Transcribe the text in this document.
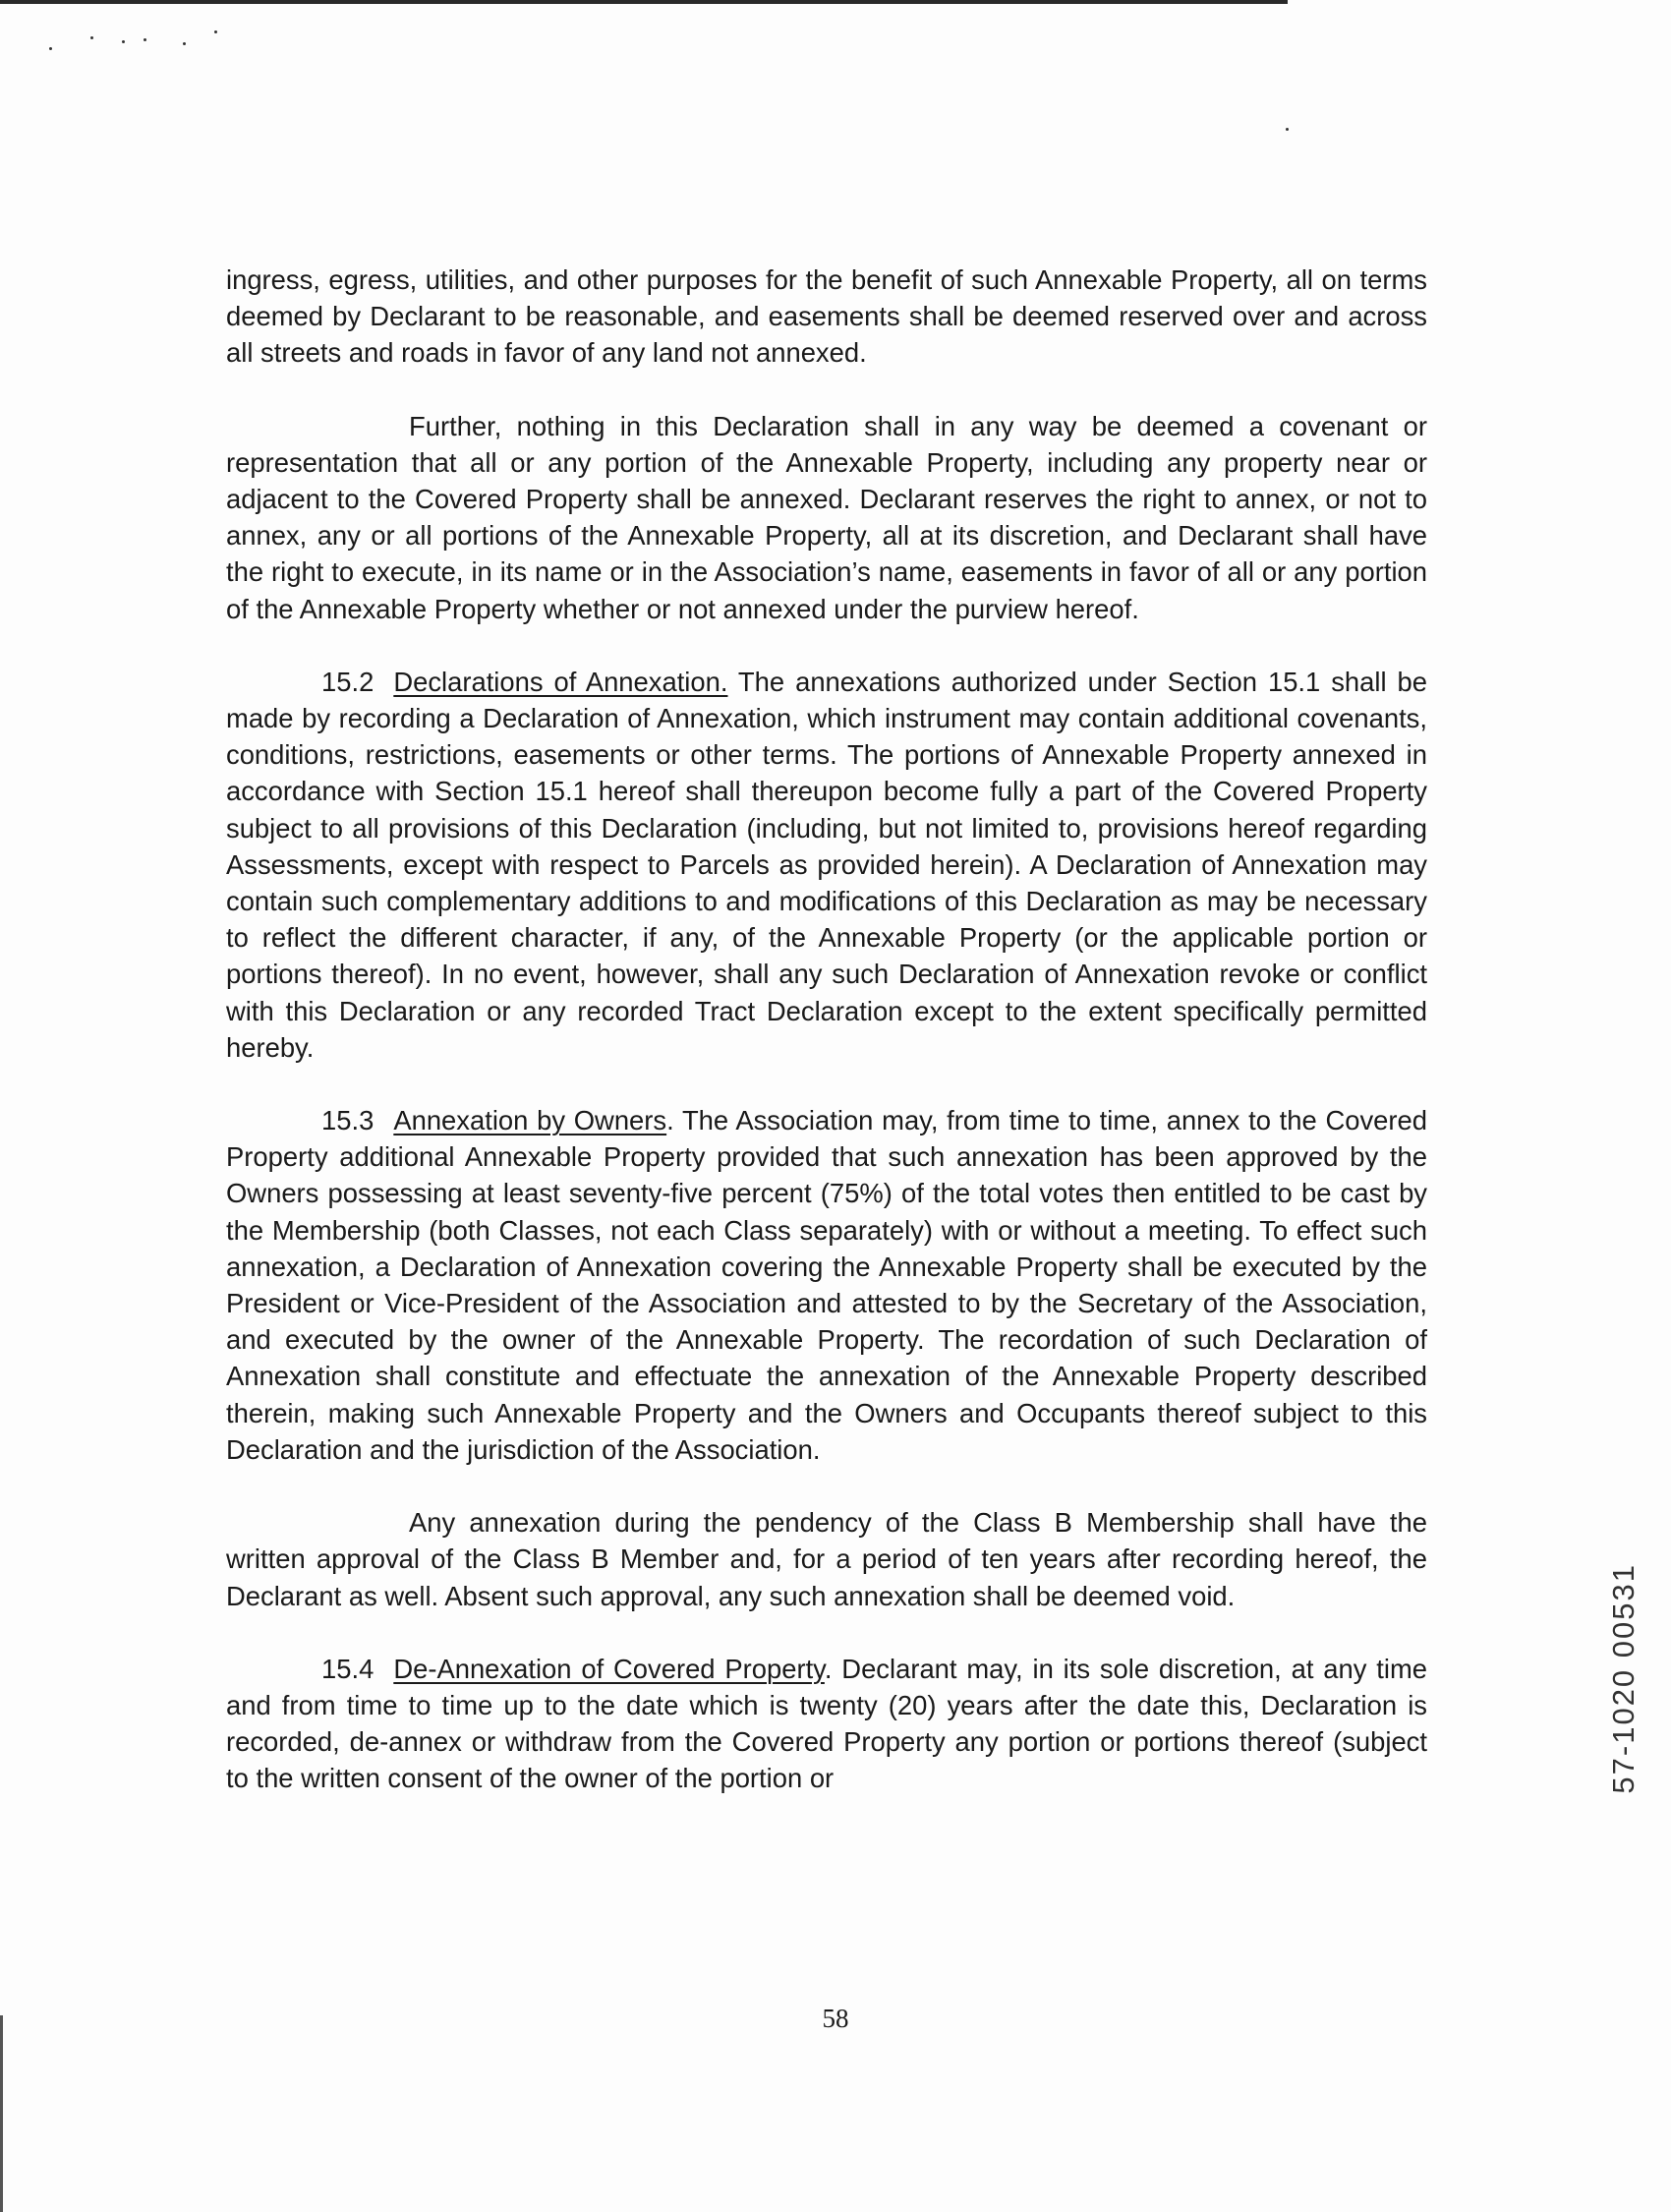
ingress, egress, utilities, and other purposes for the benefit of such Annexable Property, all on terms deemed by Declarant to be reasonable, and easements shall be deemed reserved over and across all streets and roads in favor of any land not annexed.

Further, nothing in this Declaration shall in any way be deemed a covenant or representation that all or any portion of the Annexable Property, including any property near or adjacent to the Covered Property shall be annexed. Declarant reserves the right to annex, or not to annex, any or all portions of the Annexable Property, all at its discretion, and Declarant shall have the right to execute, in its name or in the Association’s name, easements in favor of all or any portion of the Annexable Property whether or not annexed under the purview hereof.

15.2 Declarations of Annexation. The annexations authorized under Section 15.1 shall be made by recording a Declaration of Annexation, which instrument may contain additional covenants, conditions, restrictions, easements or other terms. The portions of Annexable Property annexed in accordance with Section 15.1 hereof shall thereupon become fully a part of the Covered Property subject to all provisions of this Declaration (including, but not limited to, provisions hereof regarding Assessments, except with respect to Parcels as provided herein). A Declaration of Annexation may contain such complementary additions to and modifications of this Declaration as may be necessary to reflect the different character, if any, of the Annexable Property (or the applicable portion or portions thereof). In no event, however, shall any such Declaration of Annexation revoke or conflict with this Declaration or any recorded Tract Declaration except to the extent specifically permitted hereby.

15.3 Annexation by Owners. The Association may, from time to time, annex to the Covered Property additional Annexable Property provided that such annexation has been approved by the Owners possessing at least seventy-five percent (75%) of the total votes then entitled to be cast by the Membership (both Classes, not each Class separately) with or without a meeting. To effect such annexation, a Declaration of Annexation covering the Annexable Property shall be executed by the President or Vice-President of the Association and attested to by the Secretary of the Association, and executed by the owner of the Annexable Property. The recordation of such Declaration of Annexation shall constitute and effectuate the annexation of the Annexable Property described therein, making such Annexable Property and the Owners and Occupants thereof subject to this Declaration and the jurisdiction of the Association.

Any annexation during the pendency of the Class B Membership shall have the written approval of the Class B Member and, for a period of ten years after recording hereof, the Declarant as well. Absent such approval, any such annexation shall be deemed void.

15.4 De-Annexation of Covered Property. Declarant may, in its sole discretion, at any time and from time to time up to the date which is twenty (20) years after the date this, Declaration is recorded, de-annex or withdraw from the Covered Property any portion or portions thereof (subject to the written consent of the owner of the portion or

58
57-1020 00531
